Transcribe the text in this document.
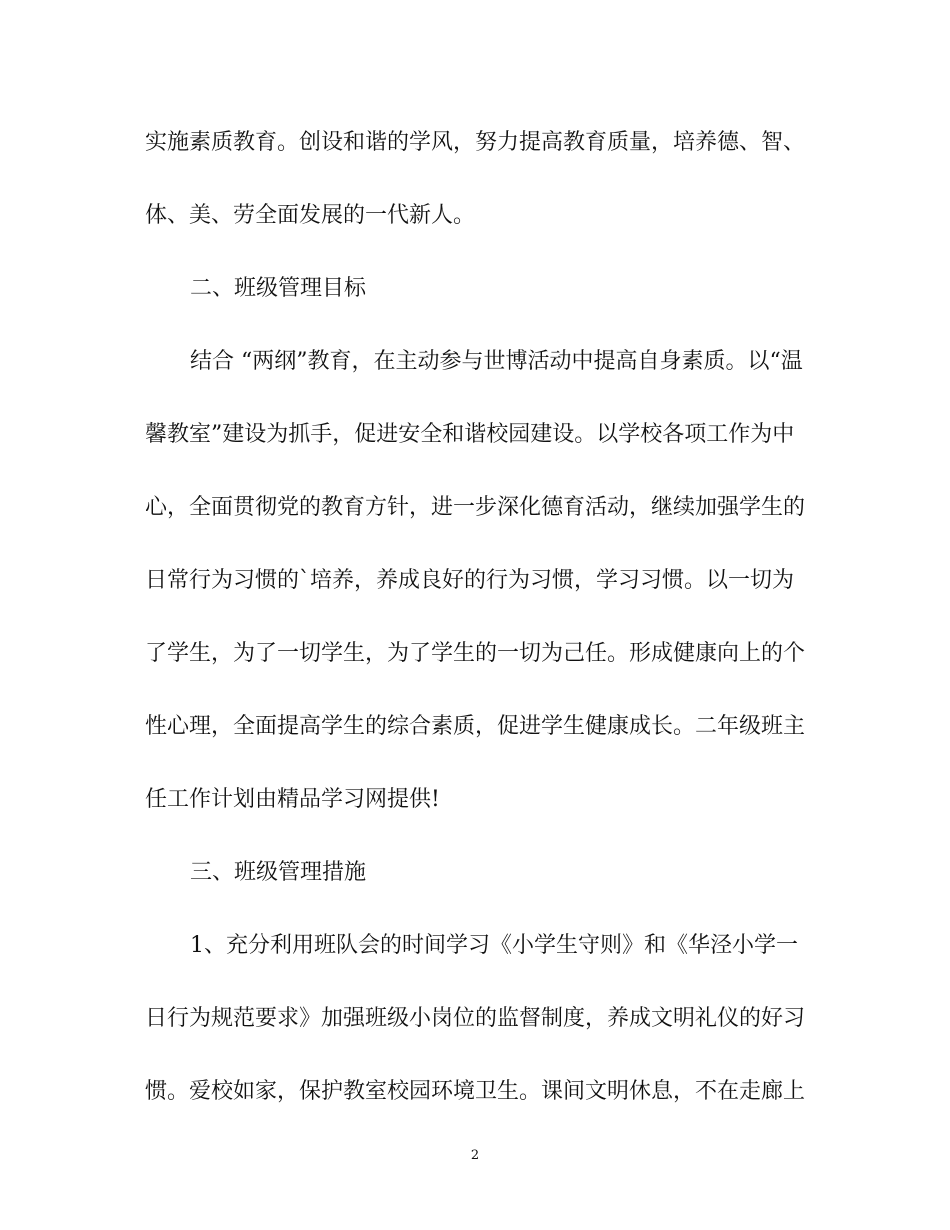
实施素质教育。创设和谐的学风，努力提高教育质量，培养德、智、
体、美、劳全面发展的一代新人。
二、班级管理目标
结合 “两纲”教育，在主动参与世博活动中提高自身素质。以“温
馨教室”建设为抓手，促进安全和谐校园建设。以学校各项工作为中
心，全面贯彻党的教育方针，进一步深化德育活动，继续加强学生的
日常行为习惯的`培养，养成良好的行为习惯，学习习惯。以一切为
了学生，为了一切学生，为了学生的一切为己任。形成健康向上的个
性心理，全面提高学生的综合素质，促进学生健康成长。二年级班主
任工作计划由精品学习网提供!
三、班级管理措施
1、充分利用班队会的时间学习《小学生守则》和《华泾小学一
日行为规范要求》加强班级小岗位的监督制度，养成文明礼仪的好习
惯。爱校如家，保护教室校园环境卫生。课间文明休息，不在走廊上
2
